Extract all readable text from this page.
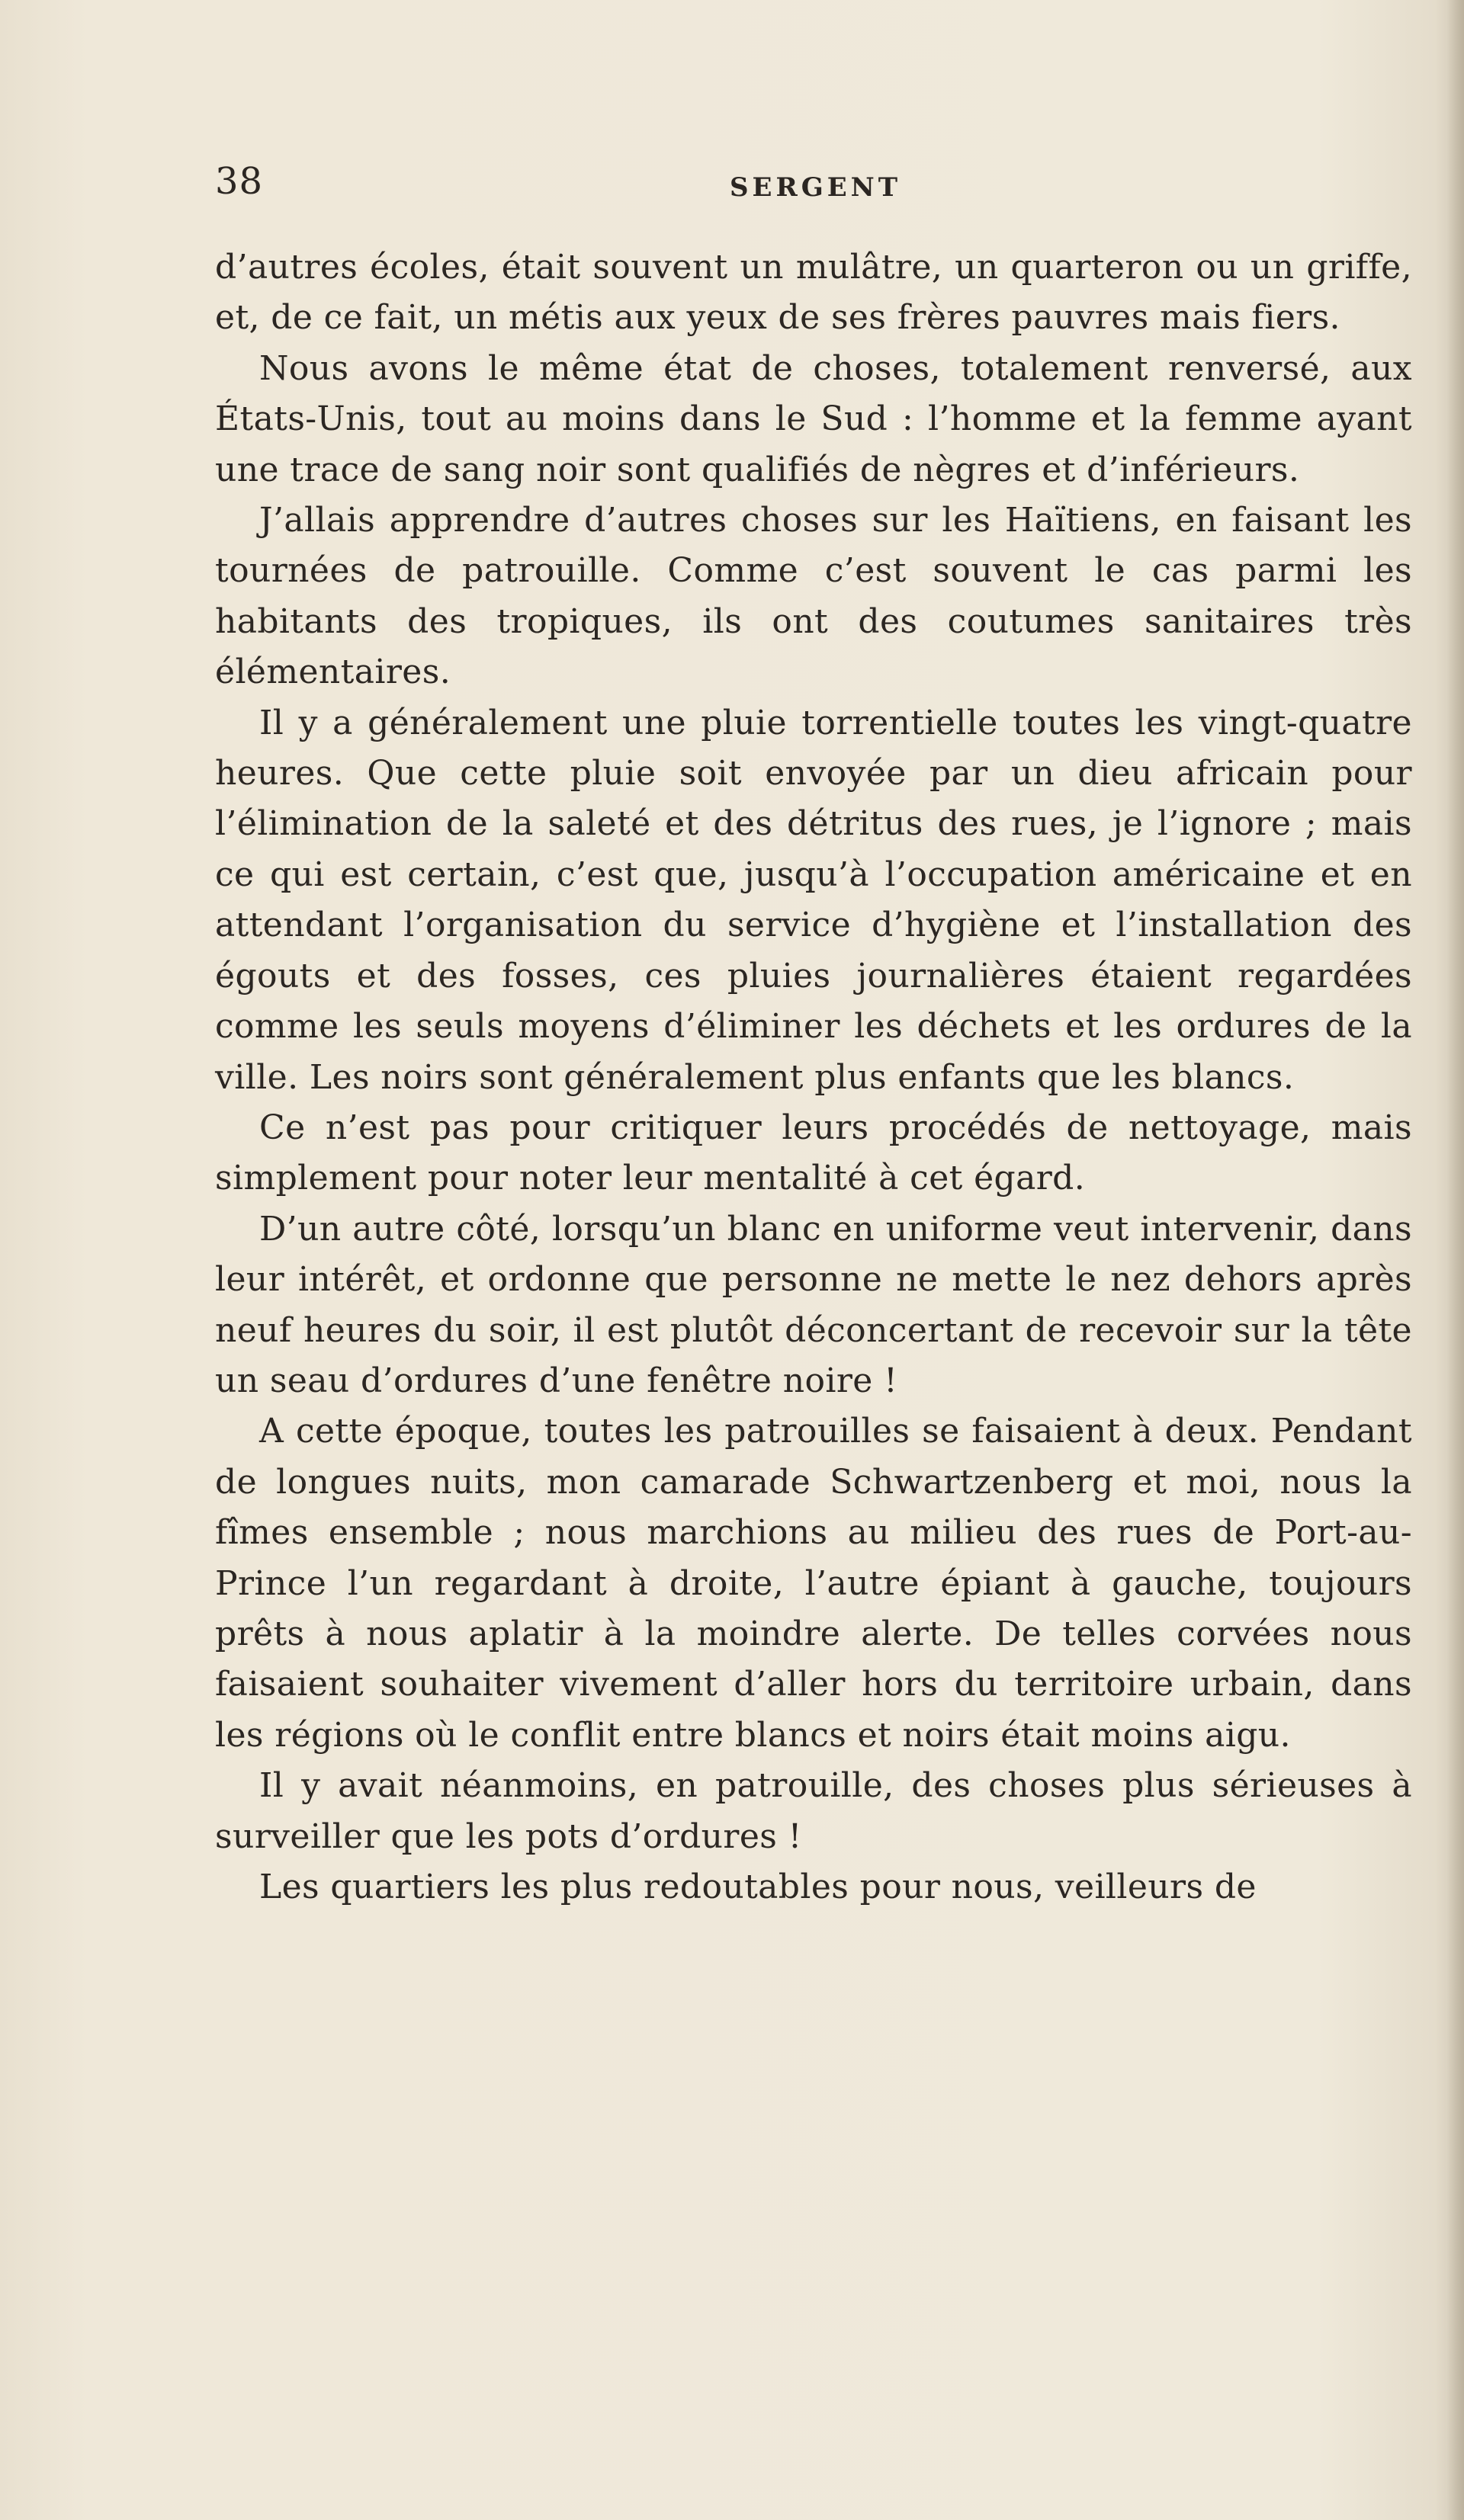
38	SERGENT

d’autres écoles, était souvent un mulâtre, un quarteron ou un griffe, et, de ce fait, un métis aux yeux de ses frères pauvres mais fiers.

Nous avons le même état de choses, totalement renversé, aux États-Unis, tout au moins dans le Sud : l’homme et la femme ayant une trace de sang noir sont qualifiés de nègres et d’inférieurs.

J’allais apprendre d’autres choses sur les Haïtiens, en faisant les tournées de patrouille. Comme c’est souvent le cas parmi les habitants des tropiques, ils ont des coutumes sanitaires très élémentaires.

Il y a généralement une pluie torrentielle toutes les vingt-quatre heures. Que cette pluie soit envoyée par un dieu africain pour l’élimination de la saleté et des détritus des rues, je l’ignore ; mais ce qui est certain, c’est que, jusqu’à l’occupation américaine et en attendant l’organisation du service d’hygiène et l’installation des égouts et des fosses, ces pluies journalières étaient regardées comme les seuls moyens d’éliminer les déchets et les ordures de la ville. Les noirs sont généralement plus enfants que les blancs.

Ce n’est pas pour critiquer leurs procédés de nettoyage, mais simplement pour noter leur mentalité à cet égard.

D’un autre côté, lorsqu’un blanc en uniforme veut intervenir, dans leur intérêt, et ordonne que personne ne mette le nez dehors après neuf heures du soir, il est plutôt déconcertant de recevoir sur la tête un seau d’ordures d’une fenêtre noire !

A cette époque, toutes les patrouilles se faisaient à deux. Pendant de longues nuits, mon camarade Schwartzenberg et moi, nous la fîmes ensemble ; nous marchions au milieu des rues de Port-au-Prince l’un regardant à droite, l’autre épiant à gauche, toujours prêts à nous aplatir à la moindre alerte. De telles corvées nous faisaient souhaiter vivement d’aller hors du territoire urbain, dans les régions où le conflit entre blancs et noirs était moins aigu.

Il y avait néanmoins, en patrouille, des choses plus sérieuses à surveiller que les pots d’ordures !

Les quartiers les plus redoutables pour nous, veilleurs de
